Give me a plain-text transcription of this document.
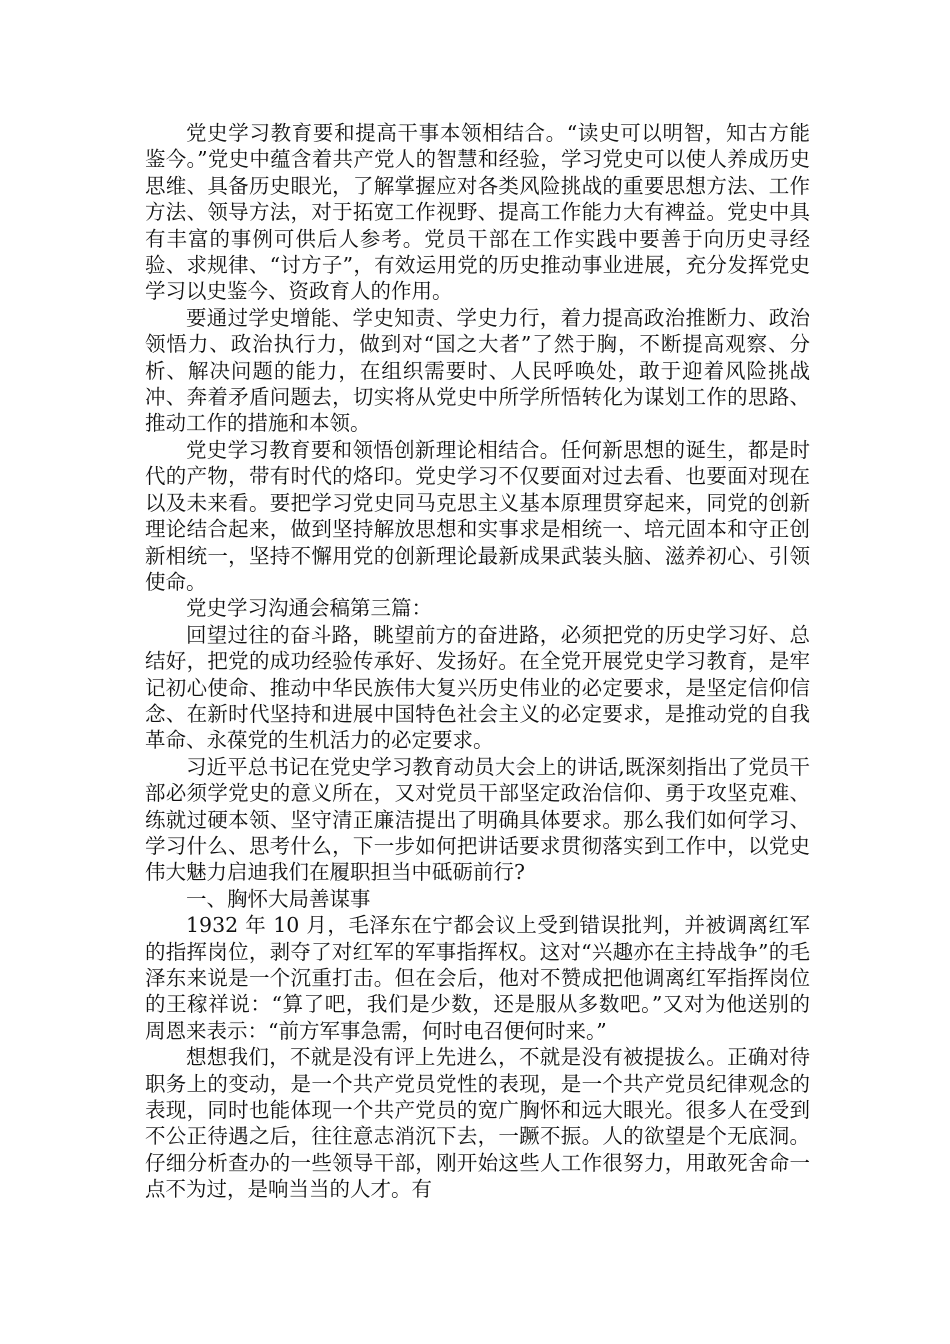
党史学习教育要和提高干事本领相结合。“读史可以明智，知古方能鉴今。”党史中蕴含着共产党人的智慧和经验，学习党史可以使人养成历史思维、具备历史眼光，了解掌握应对各类风险挑战的重要思想方法、工作方法、领导方法，对于拓宽工作视野、提高工作能力大有裨益。党史中具有丰富的事例可供后人参考。党员干部在工作实践中要善于向历史寻经验、求规律、“讨方子”，有效运用党的历史推动事业进展，充分发挥党史学习以史鉴今、资政育人的作用。

要通过学史增能、学史知责、学史力行，着力提高政治推断力、政治领悟力、政治执行力，做到对“国之大者”了然于胸，不断提高观察、分析、解决问题的能力，在组织需要时、人民呼唤处，敢于迎着风险挑战冲、奔着矛盾问题去，切实将从党史中所学所悟转化为谋划工作的思路、推动工作的措施和本领。

党史学习教育要和领悟创新理论相结合。任何新思想的诞生，都是时代的产物，带有时代的烙印。党史学习不仅要面对过去看、也要面对现在以及未来看。要把学习党史同马克思主义基本原理贯穿起来，同党的创新理论结合起来，做到坚持解放思想和实事求是相统一、培元固本和守正创新相统一，坚持不懈用党的创新理论最新成果武装头脑、滋养初心、引领使命。

党史学习沟通会稿第三篇：

回望过往的奋斗路，眺望前方的奋进路，必须把党的历史学习好、总结好，把党的成功经验传承好、发扬好。在全党开展党史学习教育，是牢记初心使命、推动中华民族伟大复兴历史伟业的必定要求，是坚定信仰信念、在新时代坚持和进展中国特色社会主义的必定要求，是推动党的自我革命、永葆党的生机活力的必定要求。

习近平总书记在党史学习教育动员大会上的讲话,既深刻指出了党员干部必须学党史的意义所在，又对党员干部坚定政治信仰、勇于攻坚克难、练就过硬本领、坚守清正廉洁提出了明确具体要求。那么我们如何学习、学习什么、思考什么，下一步如何把讲话要求贯彻落实到工作中，以党史伟大魅力启迪我们在履职担当中砥砺前行?

一、胸怀大局善谋事

1932 年 10 月，毛泽东在宁都会议上受到错误批判，并被调离红军的指挥岗位，剥夺了对红军的军事指挥权。这对“兴趣亦在主持战争”的毛泽东来说是一个沉重打击。但在会后，他对不赞成把他调离红军指挥岗位的王稼祥说：“算了吧，我们是少数，还是服从多数吧。”又对为他送别的周恩来表示：“前方军事急需，何时电召便何时来。”

想想我们，不就是没有评上先进么，不就是没有被提拔么。正确对待职务上的变动，是一个共产党员党性的表现，是一个共产党员纪律观念的表现，同时也能体现一个共产党员的宽广胸怀和远大眼光。很多人在受到不公正待遇之后，往往意志消沉下去，一蹶不振。人的欲望是个无底洞。仔细分析查办的一些领导干部，刚开始这些人工作很努力，用敢死舍命一点不为过，是响当当的人才。有
